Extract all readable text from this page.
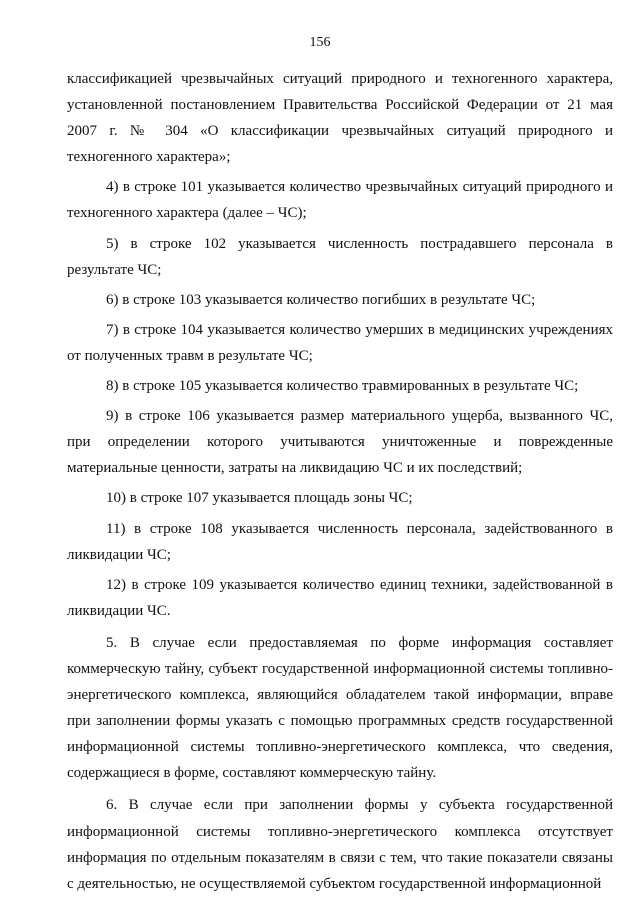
156

классификацией чрезвычайных ситуаций природного и техногенного характера, установленной постановлением Правительства Российской Федерации от 21 мая 2007 г. № 304 «О классификации чрезвычайных ситуаций природного и техногенного характера»;

4) в строке 101 указывается количество чрезвычайных ситуаций природного и техногенного характера (далее – ЧС);

5) в строке 102 указывается численность пострадавшего персонала в результате ЧС;

6) в строке 103 указывается количество погибших в результате ЧС;

7) в строке 104 указывается количество умерших в медицинских учреждениях от полученных травм в результате ЧС;

8) в строке 105 указывается количество травмированных в результате ЧС;

9) в строке 106 указывается размер материального ущерба, вызванного ЧС, при определении которого учитываются уничтоженные и поврежденные материальные ценности, затраты на ликвидацию ЧС и их последствий;

10) в строке 107 указывается площадь зоны ЧС;

11) в строке 108 указывается численность персонала, задействованного в ликвидации ЧС;

12) в строке 109 указывается количество единиц техники, задействованной в ликвидации ЧС.

5. В случае если предоставляемая по форме информация составляет коммерческую тайну, субъект государственной информационной системы топливно-энергетического комплекса, являющийся обладателем такой информации, вправе при заполнении формы указать с помощью программных средств государственной информационной системы топливно-энергетического комплекса, что сведения, содержащиеся в форме, составляют коммерческую тайну.

6. В случае если при заполнении формы у субъекта государственной информационной системы топливно-энергетического комплекса отсутствует информация по отдельным показателям в связи с тем, что такие показатели связаны с деятельностью, не осуществляемой субъектом государственной информационной
